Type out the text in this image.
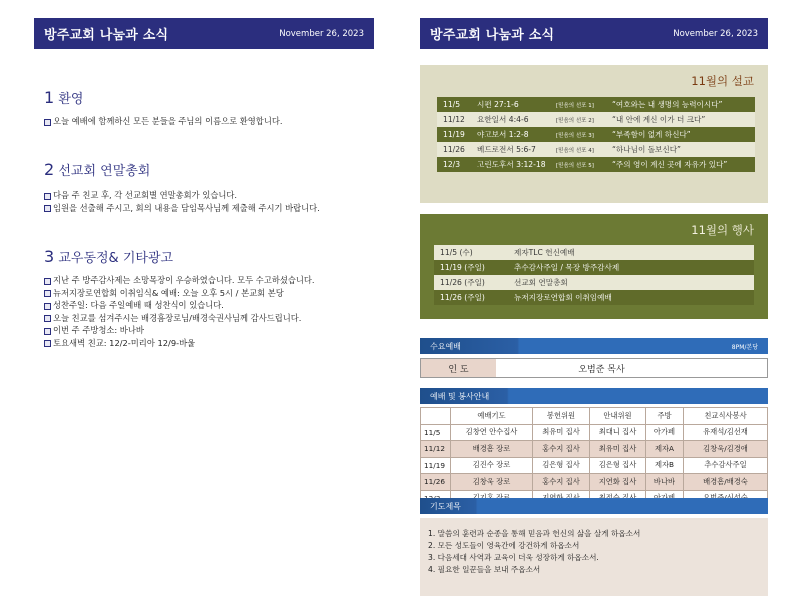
방주교회 나눔과 소식	November 26, 2023
1 환영
오늘 예배에 함께하신 모든 분들을 주님의 이름으로 환영합니다.
2 선교회 연말총회
다음 주 친교 후, 각 선교회별 연말총회가 있습니다.
임원을 선출해 주시고, 회의 내용을 담임목사님께 제출해 주시기 바랍니다.
3 교우동정& 기타광고
지난 주 방주감사제는 소망목장이 우승하였습니다. 모두 수고하셨습니다.
뉴저지장로연합회 이취임식& 예배: 오늘 오후 5시 / 본교회 본당
성찬주일: 다음 주일예배 때 성찬식이 있습니다.
오늘 친교를 섬겨주시는 배경흠장로님/배경숙권사님께 감사드립니다.
이번 주 주방청소: 바나바
토요새벽 친교: 12/2-미리아 12/9-바울
방주교회 나눔과 소식	November 26, 2023
11월의 설교
11/5	시편 27:1-6	[믿음의 선포 1]	“여호와는 내 생명의 능력이시다”
11/12	요한일서 4:4-6	[믿음의 선포 2]	“내 안에 계신 이가 더 크다”
11/19	야고보서 1:2-8	[믿음의 선포 3]	“부족함이 없게 하신다”
11/26	베드로전서 5:6-7	[믿음의 선포 4]	“하나님이 돌보신다”
12/3	고린도후서 3:12-18	[믿음의 선포 5]	“주의 영이 계신 곳에 자유가 있다”
11월의 행사
11/5 (수)	제자TLC 헌신예배
11/19 (주일)	추수감사주일 / 목장 방주감사제
11/26 (주일)	선교회 연말총회
11/26 (주일)	뉴저지장로연합회 이취임예배
수요예배	8PM/본당
인 도	오범준 목사
예배 및 봉사안내
	예배기도	봉헌위원	안내위원	주방	친교식사봉사
11/5	김창연 안수집사	최유미 집사	최대니 집사	아가페	유재석/김선재
11/12	배경흠 장로	홍수지 집사	최유미 집사	제자A	김창욱/김경애
11/19	김진수 장로	김은형 집사	김은형 집사	제자B	추수감사주일
11/26	김창욱 장로	홍수지 집사	지연화 집사	바나바	배경흠/배경숙

기도제목
1. 말씀의 훈련과 순종을 통해 믿음과 헌신의 삶을 살게 하옵소서
2. 모든 성도들이 영육간에 강건하게 하옵소서
3. 다음세대 사역과 교육이 더욱 성장하게 하옵소서.
4. 필요한 일꾼들을 보내 주옵소서
